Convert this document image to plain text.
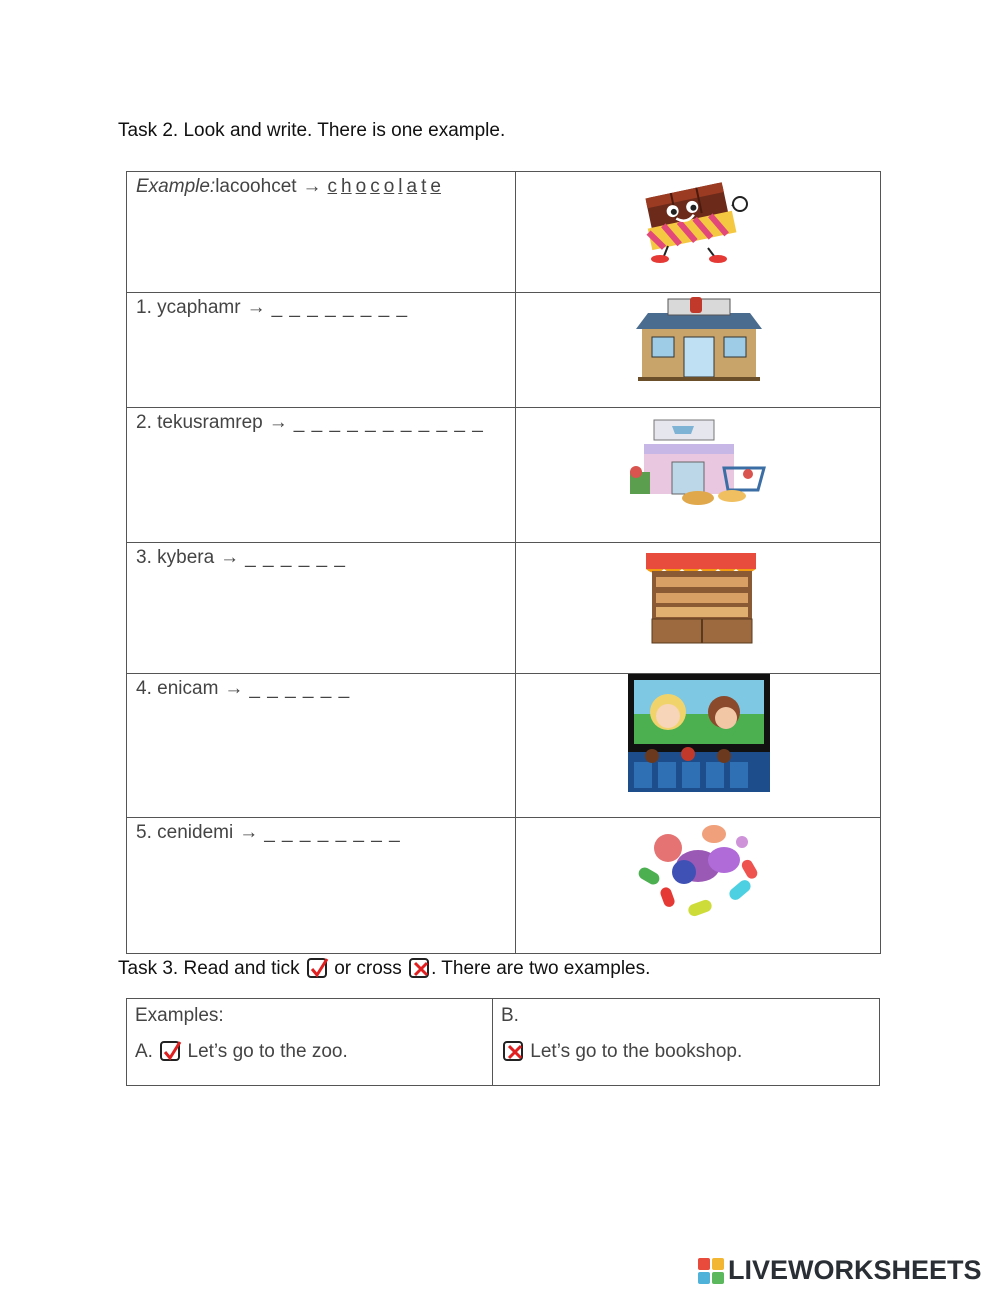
Task 2. Look and write. There is one example.
Example:lacoohcet → c h o c o l a t e

1. ycaphamr → _ _ _ _ _ _ _ _

2. tekusramrep → _ _ _ _ _ _ _ _ _ _ _

3. kybera → _ _ _ _ _ _

4. enicam → _ _ _ _ _ _

5. cenidemi → _ _ _ _ _ _ _ _

Task 3. Read and tick or cross . There are two examples.
Examples:
A. Let’s go to the zoo.

B.
Let’s go to the bookshop.
LIVEWORKSHEETS
